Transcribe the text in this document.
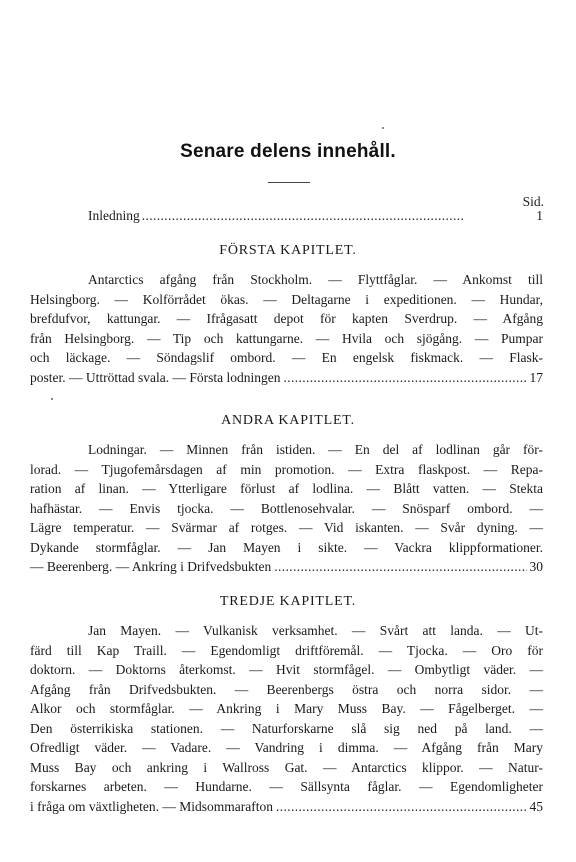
Senare delens innehåll.
Sid.
Inledning . . .	1
FÖRSTA KAPITLET.
Antarctics afgång från Stockholm. — Flyttfåglar. — Ankomst till
Helsingborg. — Kolförrådet ökas. — Deltagarne i expeditionen. — Hundar,
brefdufvor, kattungar. — Ifrågasatt depot för kapten Sverdrup. — Afgång
från Helsingborg. — Tip och kattungarne. — Hvila och sjögång. — Pumpar
och läckage. — Söndagslif ombord. — En engelsk fiskmack. — Flask-
poster. — Uttröttad svala. — Första lodningen . . .	17
ANDRA KAPITLET.
Lodningar. — Minnen från istiden. — En del af lodlinan går för-
lorad. — Tjugofemårsdagen af min promotion. — Extra flaskpost. — Repa-
ration af linan. — Ytterligare förlust af lodlina. — Blått vatten. — Stekta
hafhästar. — Envis tjocka. — Bottlenosehvalar. — Snösparf ombord. —
Lägre temperatur. — Svärmar af rotges. — Vid iskanten. — Svår dyning. —
Dykande stormfåglar. — Jan Mayen i sikte. — Vackra klippformationer.
— Beerenberg. — Ankring i Drifvedsbukten . . .	30
TREDJE KAPITLET.
Jan Mayen. — Vulkanisk verksamhet. — Svårt att landa. — Ut-
färd till Kap Traill. — Egendomligt driftföremål. — Tjocka. — Oro för
doktorn. — Doktorns återkomst. — Hvit stormfågel. — Ombytligt väder. —
Afgång från Drifvedsbukten. — Beerenbergs östra och norra sidor. —
Alkor och stormfåglar. — Ankring i Mary Muss Bay. — Fågelberget. —
Den österrikiska stationen. — Naturforskarne slå sig ned på land. —
Ofredligt väder. — Vadare. — Vandring i dimma. — Afgång från Mary
Muss Bay och ankring i Wallross Gat. — Antarctics klippor. — Natur-
forskarnes arbeten. — Hundarne. — Sällsynta fåglar. — Egendomligheter
i fråga om växtligheten. — Midsommarafton . . .	45
